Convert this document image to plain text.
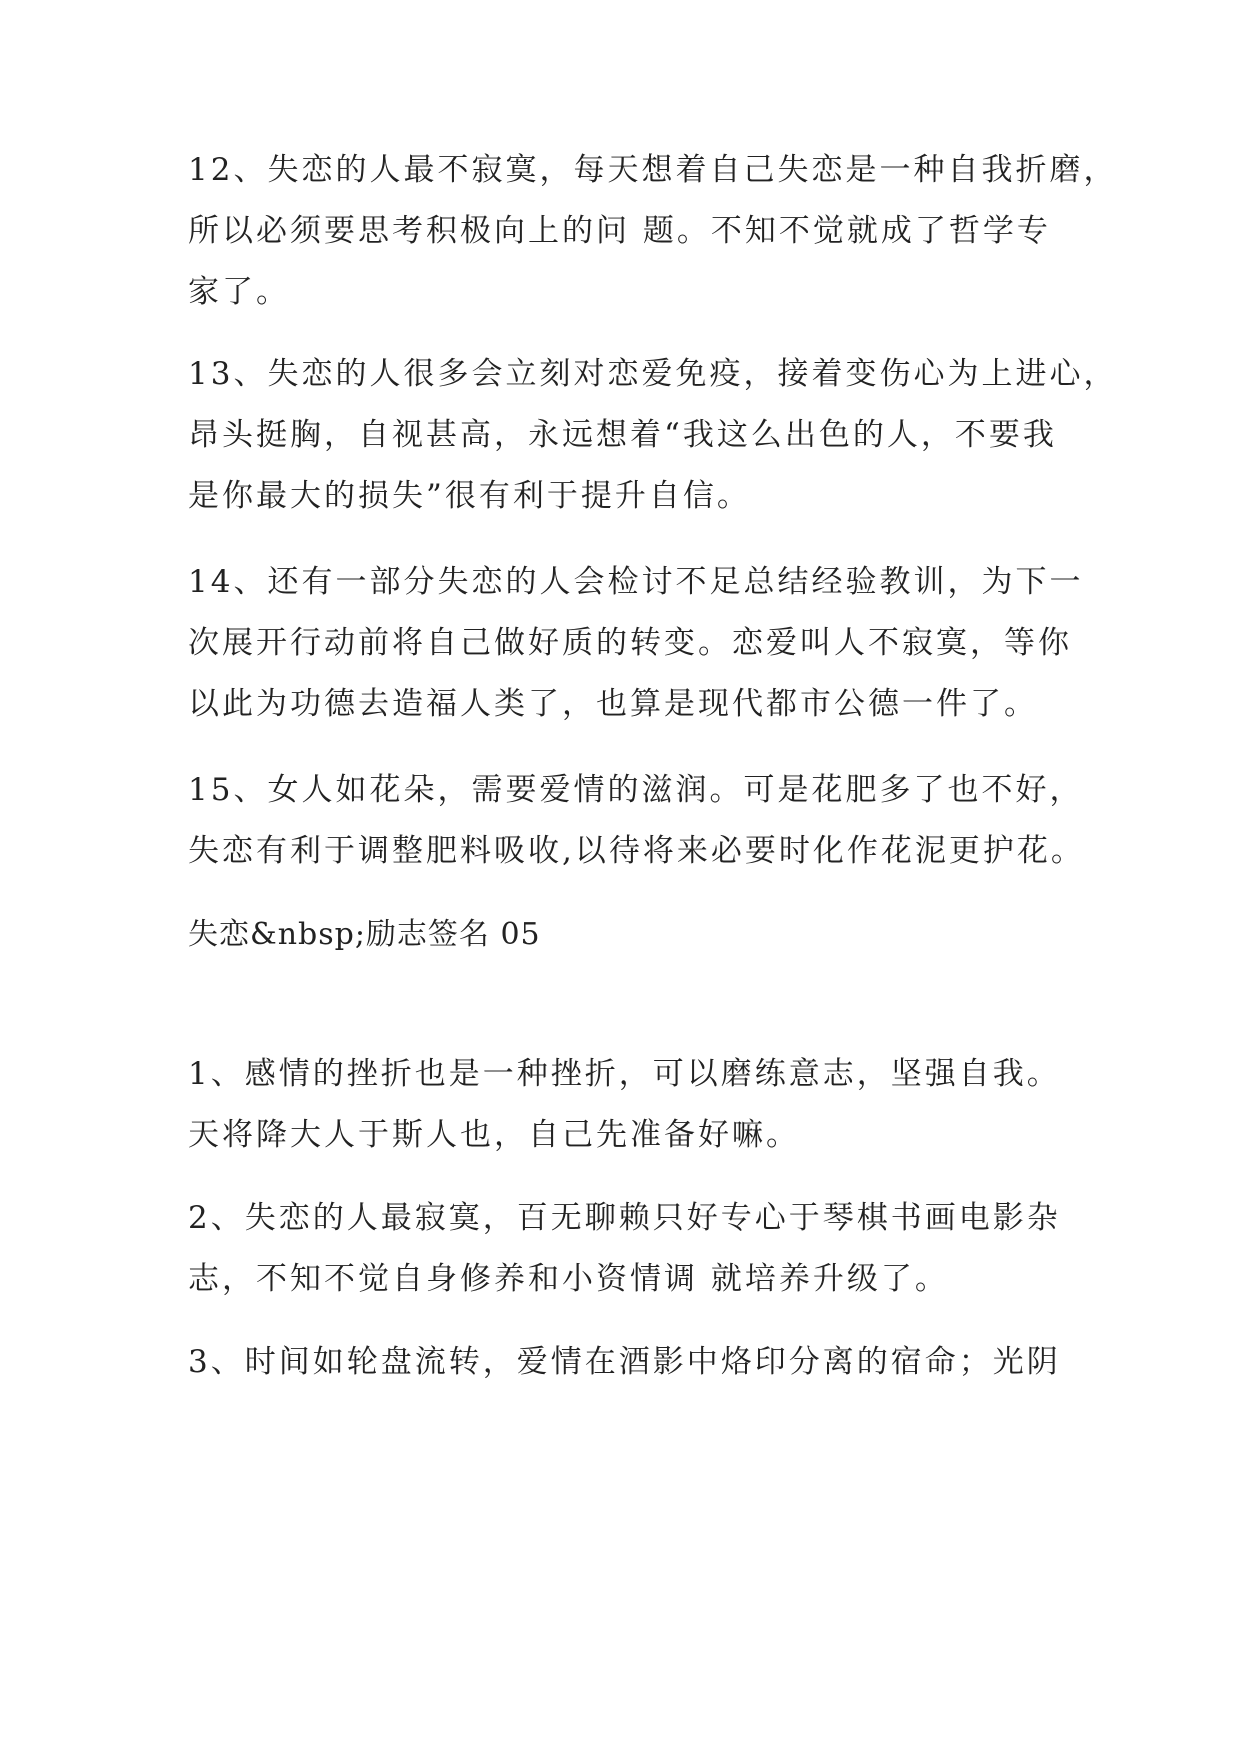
12、失恋的人最不寂寞，每天想着自己失恋是一种自我折磨，
所以必须要思考积极向上的问 题。不知不觉就成了哲学专
家了。

13、失恋的人很多会立刻对恋爱免疫，接着变伤心为上进心，
昂头挺胸，自视甚高，永远想着“我这么出色的人，不要我
是你最大的损失”很有利于提升自信。

14、还有一部分失恋的人会检讨不足总结经验教训，为下一
次展开行动前将自己做好质的转变。恋爱叫人不寂寞，等你
以此为功德去造福人类了，也算是现代都市公德一件了。

15、女人如花朵，需要爱情的滋润。可是花肥多了也不好，
失恋有利于调整肥料吸收,以待将来必要时化作花泥更护花。

失恋&nbsp;励志签名 05

1、感情的挫折也是一种挫折，可以磨练意志，坚强自我。
天将降大人于斯人也，自己先准备好嘛。

2、失恋的人最寂寞，百无聊赖只好专心于琴棋书画电影杂
志，不知不觉自身修养和小资情调 就培养升级了。

3、时间如轮盘流转，爱情在酒影中烙印分离的宿命；光阴
